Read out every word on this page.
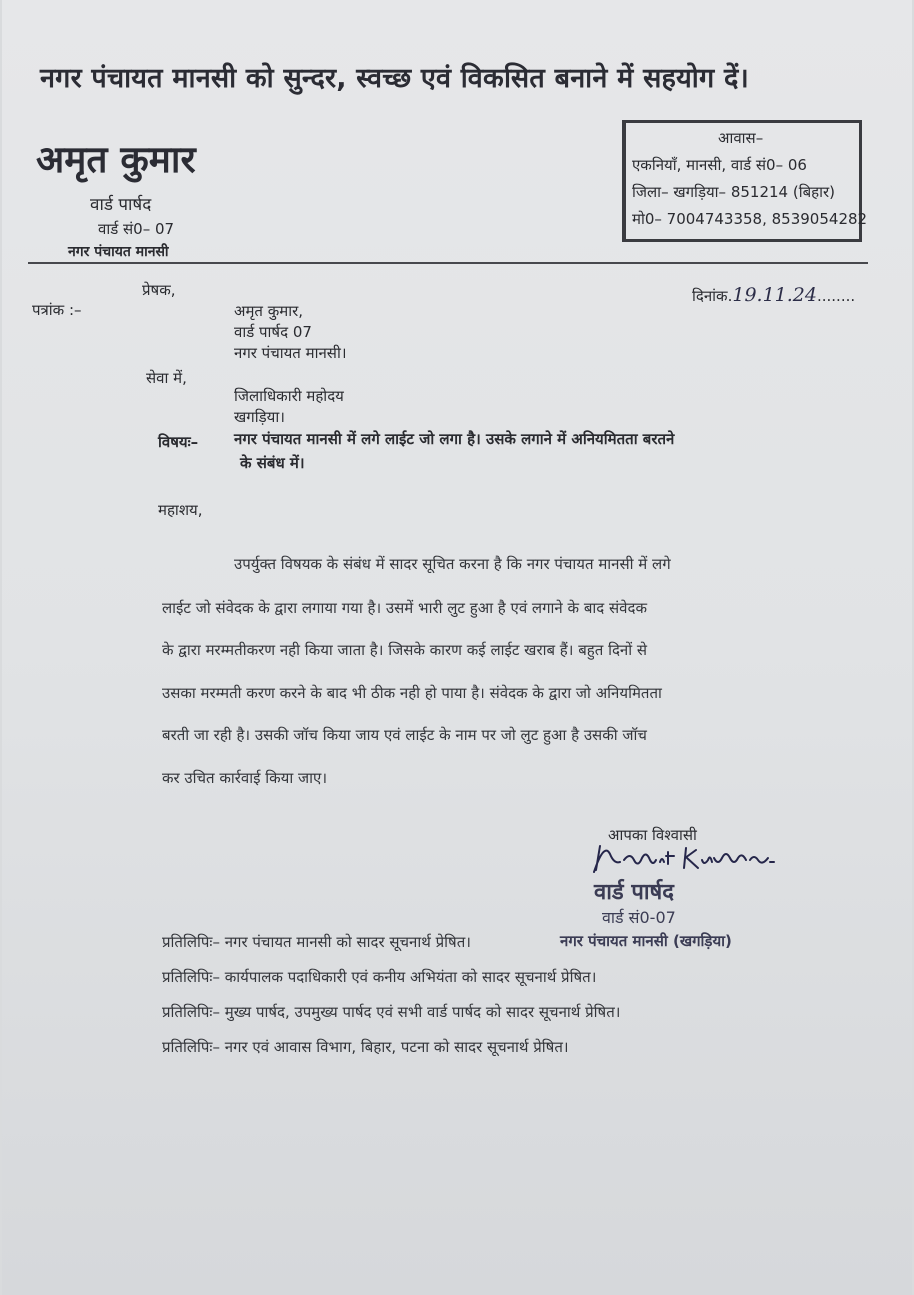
नगर पंचायत मानसी को सुन्दर, स्वच्छ एवं विकसित बनाने में सहयोग दें।
अमृत कुमार
वार्ड पार्षद
वार्ड सं0– 07
नगर पंचायत मानसी
आवास–
एकनियाँ, मानसी, वार्ड सं0– 06
जिला– खगड़िया– 851214 (बिहार)
मो0– 7004743358, 8539054282
पत्रांक :–
दिनांक.19.11.24........
प्रेषक,
अमृत कुमार,
वार्ड पार्षद 07
नगर पंचायत मानसी।
सेवा में,
जिलाधिकारी महोदय
खगड़िया।
विषयः– नगर पंचायत मानसी में लगे लाईट जो लगा है। उसके लगाने में अनियमितता बरतने
के संबंध में।
महाशय,
उपर्युक्त विषयक के संबंध में सादर सूचित करना है कि नगर पंचायत मानसी में लगे
लाईट जो संवेदक के द्वारा लगाया गया है। उसमें भारी लुट हुआ है एवं लगाने के बाद संवेदक
के द्वारा मरम्मतीकरण नही किया जाता है। जिसके कारण कई लाईट खराब हैं। बहुत दिनों से
उसका मरम्मती करण करने के बाद भी ठीक नही हो पाया है। संवेदक के द्वारा जो अनियमितता
बरती जा रही है। उसकी जॉच किया जाय एवं लाईट के नाम पर जो लुट हुआ है उसकी जॉच
कर उचित कार्रवाई किया जाए।
आपका विश्वासी
वार्ड पार्षद
वार्ड सं0-07
नगर पंचायत मानसी (खगड़िया)
प्रतिलिपिः– नगर पंचायत मानसी को सादर सूचनार्थ प्रेषित।
प्रतिलिपिः– कार्यपालक पदाधिकारी एवं कनीय अभियंता को सादर सूचनार्थ प्रेषित।
प्रतिलिपिः– मुख्य पार्षद, उपमुख्य पार्षद एवं सभी वार्ड पार्षद को सादर सूचनार्थ प्रेषित।
प्रतिलिपिः– नगर एवं आवास विभाग, बिहार, पटना को सादर सूचनार्थ प्रेषित।
